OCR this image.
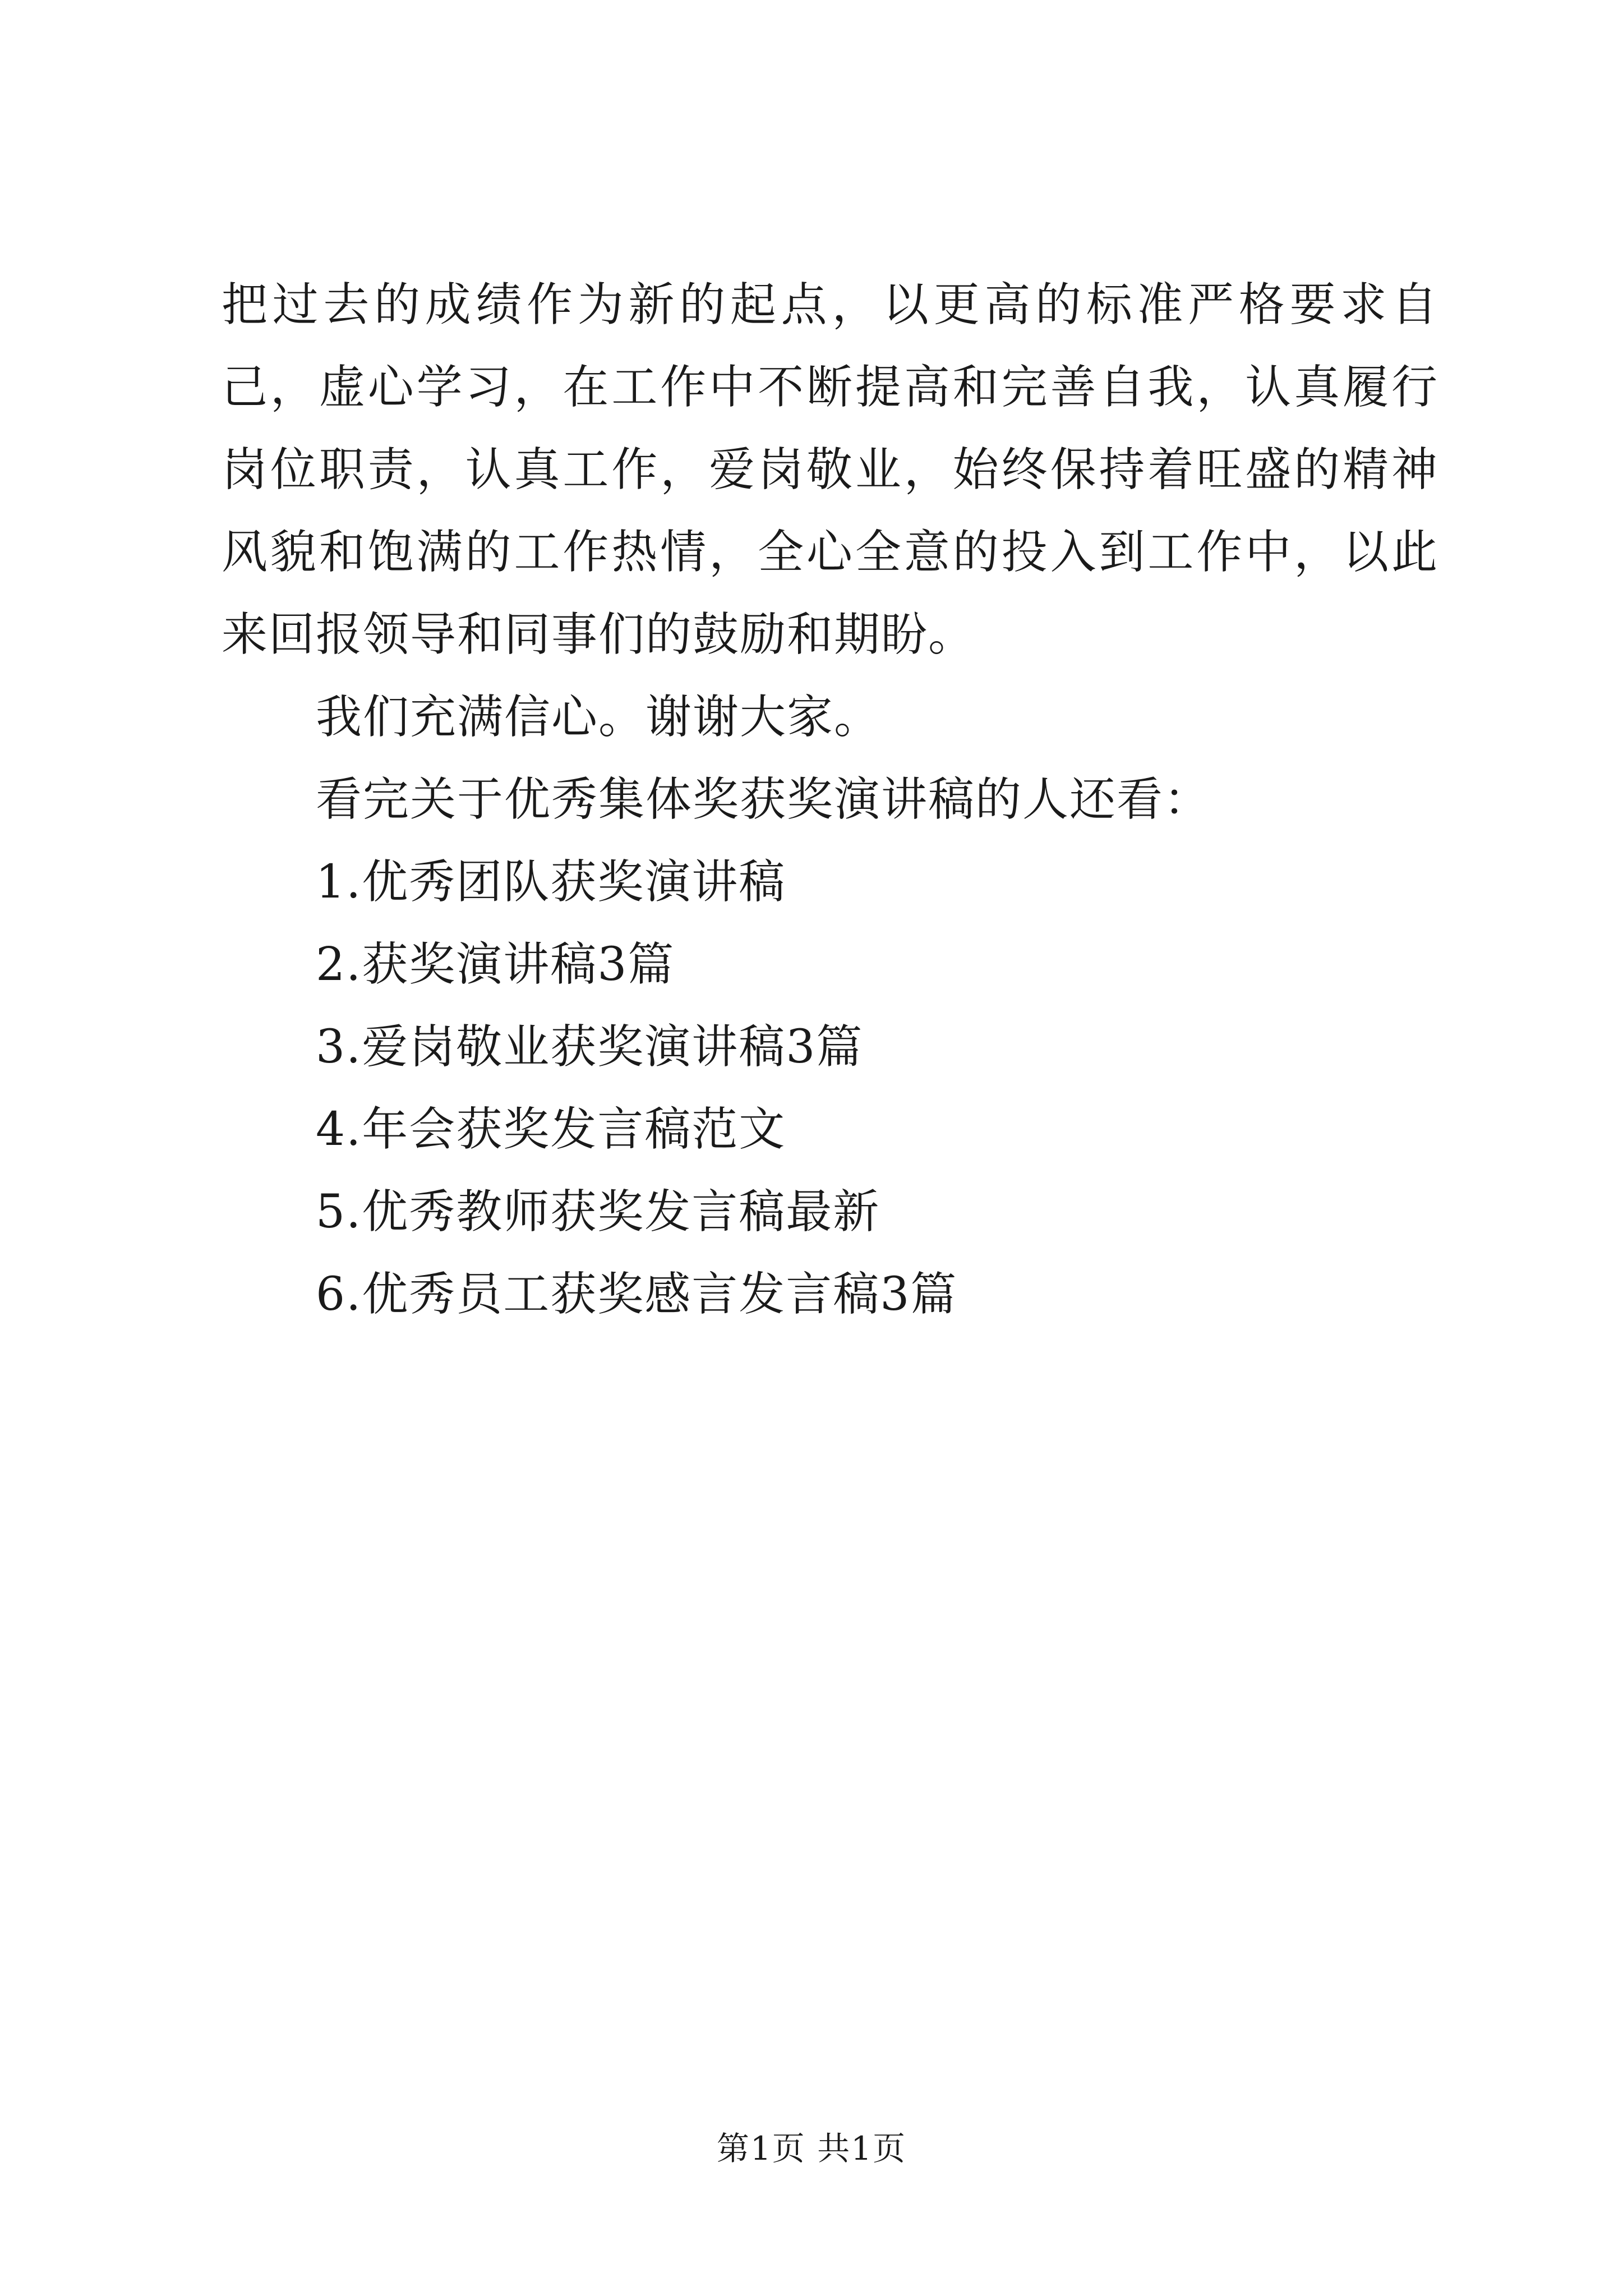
把过去的成绩作为新的起点，以更高的标准严格要求自己，虚心学习，在工作中不断提高和完善自我，认真履行岗位职责，认真工作，爱岗敬业，始终保持着旺盛的精神风貌和饱满的工作热情，全心全意的投入到工作中，以此来回报领导和同事们的鼓励和期盼。

我们充满信心。谢谢大家。

看完关于优秀集体奖获奖演讲稿的人还看：

1.优秀团队获奖演讲稿
2.获奖演讲稿3篇
3.爱岗敬业获奖演讲稿3篇
4.年会获奖发言稿范文
5.优秀教师获奖发言稿最新
6.优秀员工获奖感言发言稿3篇
第1页 共1页
